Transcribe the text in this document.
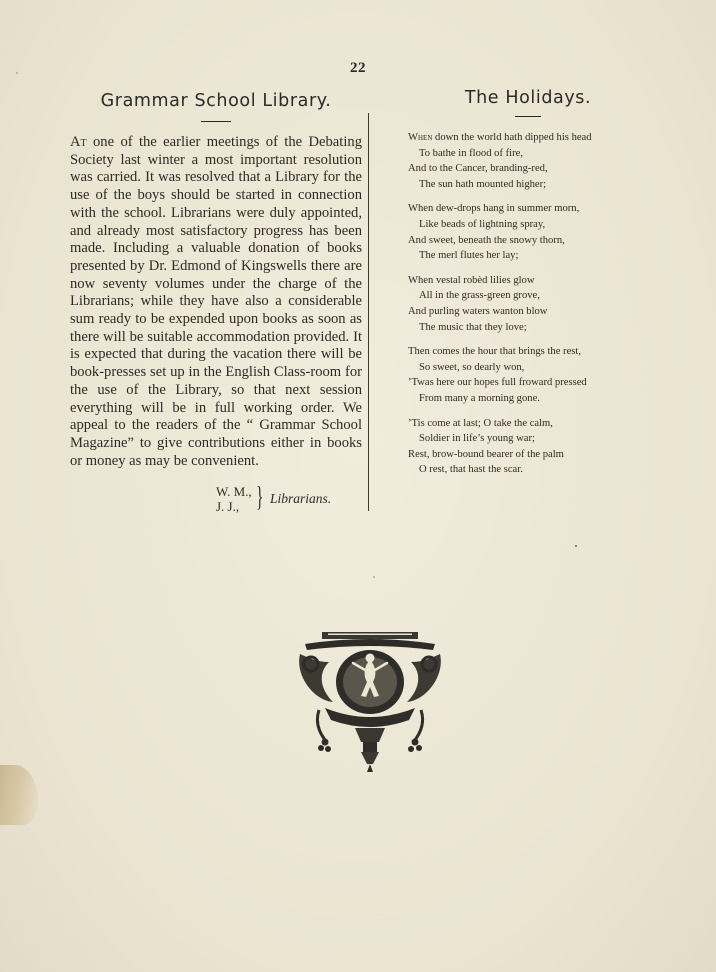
22
Grammar School Library.

At one of the earlier meetings of the Debating Society last winter a most important resolution was carried. It was resolved that a Library for the use of the boys should be started in connection with the school. Librarians were duly appointed, and already most satisfactory progress has been made. Including a valuable donation of books presented by Dr. Edmond of Kingswells there are now seventy volumes under the charge of the Librarians; while they have also a considerable sum ready to be expended upon books as soon as there will be suitable accommodation provided. It is expected that during the vacation there will be book-presses set up in the English Class-room for the use of the Library, so that next session everything will be in full working order. We appeal to the readers of the “ Grammar School Magazine” to give contributions either in books or money as may be convenient.

W. M.,
J. J., } Librarians.
The Holidays.
When down the world hath dipped his head
To bathe in flood of fire,
And to the Cancer, branding-red,
The sun hath mounted higher;
When dew-drops hang in summer morn,
Like beads of lightning spray,
And sweet, beneath the snowy thorn,
The merl flutes her lay;
When vestal robèd lilies glow
All in the grass-green grove,
And purling waters wanton blow
The music that they love;
Then comes the hour that brings the rest,
So sweet, so dearly won,
’Twas here our hopes full froward pressed
From many a morning gone.
’Tis come at last; O take the calm,
Soldier in life’s young war;
Rest, brow-bound bearer of the palm
O rest, that hast the scar.
